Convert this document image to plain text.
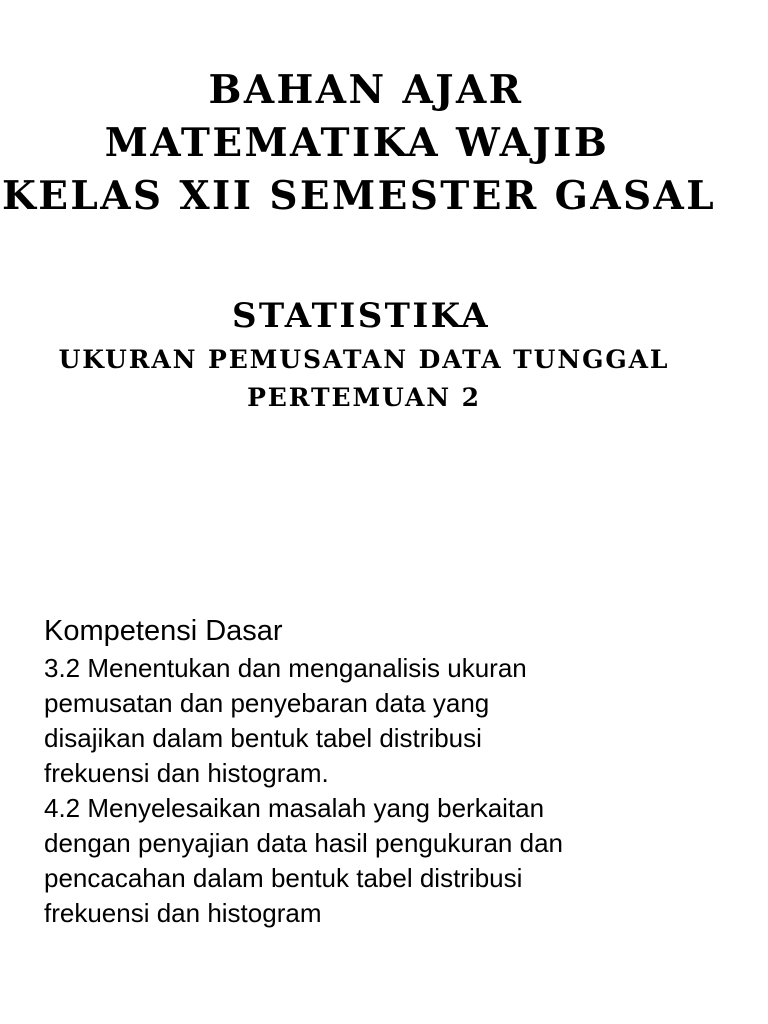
BAHAN AJAR
MATEMATIKA WAJIB
KELAS XII SEMESTER GASAL
STATISTIKA
UKURAN PEMUSATAN DATA TUNGGAL
PERTEMUAN 2
Kompetensi Dasar
3.2 Menentukan dan menganalisis ukuran
pemusatan dan penyebaran data yang
disajikan dalam bentuk tabel distribusi
frekuensi dan histogram.
4.2 Menyelesaikan masalah yang berkaitan
dengan penyajian data hasil pengukuran dan
pencacahan dalam bentuk tabel distribusi
frekuensi dan histogram
